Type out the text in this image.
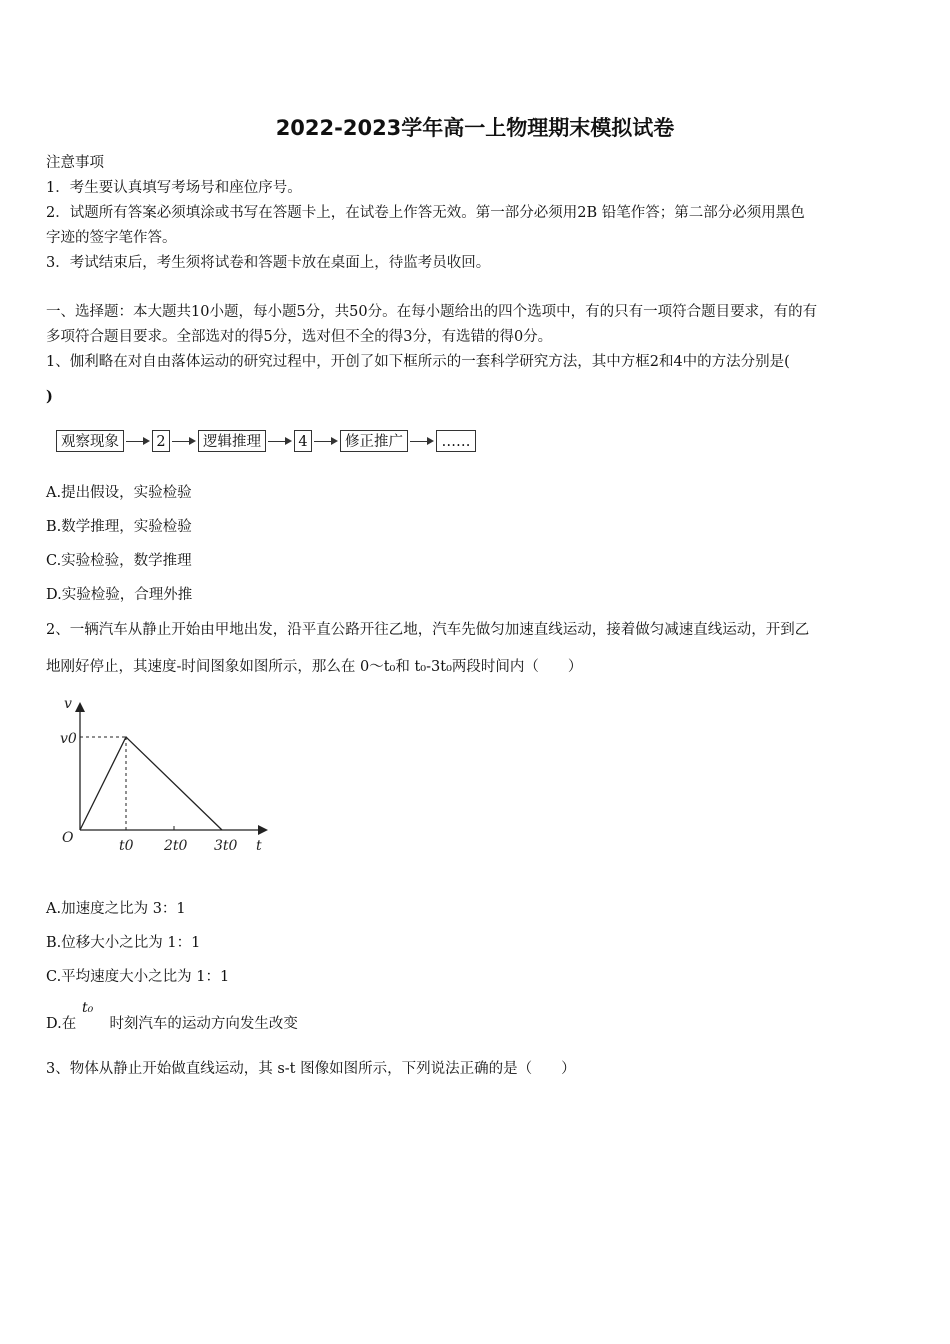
2022-2023学年高一上物理期末模拟试卷
注意事项
1．考生要认真填写考场号和座位序号。
2．试题所有答案必须填涂或书写在答题卡上，在试卷上作答无效。第一部分必须用2B 铅笔作答；第二部分必须用黑色
字迹的签字笔作答。
3．考试结束后，考生须将试卷和答题卡放在桌面上，待监考员收回。
一、选择题：本大题共10小题，每小题5分，共50分。在每小题给出的四个选项中，有的只有一项符合题目要求，有的有
多项符合题目要求。全部选对的得5分，选对但不全的得3分，有选错的得0分。
1、伽利略在对自由落体运动的研究过程中，开创了如下框所示的一套科学研究方法，其中方框2和4中的方法分别是(
)
观察现象	2	逻辑推理	4	修正推广	……
A.提出假设，实验检验
B.数学推理，实验检验
C.实验检验，数学推理
D.实验检验，合理外推
2、一辆汽车从静止开始由甲地出发，沿平直公路开往乙地，汽车先做匀加速直线运动，接着做匀减速直线运动，开到乙
地刚好停止，其速度-时间图象如图所示，那么在 0～t₀和 t₀-3t₀两段时间内（　　）
v
v0
O	t0 2t0 3t0 t
A.加速度之比为 3：1
B.位移大小之比为 1：1
C.平均速度大小之比为 1：1
D.在 时刻汽车的运动方向发生改变
t₀
3、物体从静止开始做直线运动，其 s-t 图像如图所示，下列说法正确的是（　　）
